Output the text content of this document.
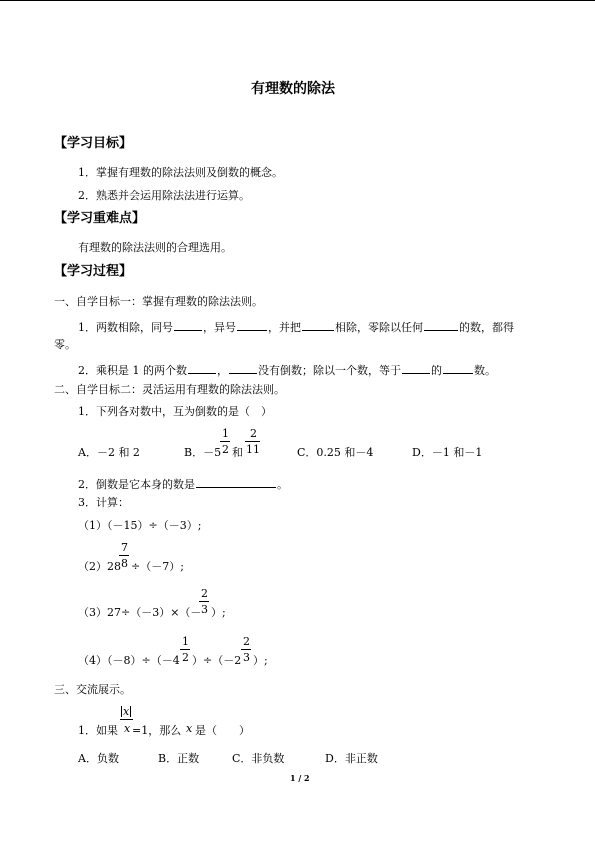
有理数的除法
【学习目标】
1．掌握有理数的除法法则及倒数的概念。
2．熟悉并会运用除法法进行运算。
【学习重难点】
有理数的除法法则的合理选用。
【学习过程】
一、自学目标一：掌握有理数的除法法则。
1．两数相除，同号	，异号	，并把	相除，零除以任何	的数，都得
零。
2．乘积是 1 的两个数	，	没有倒数；除以一个数，等于	的	数。
二、自学目标二：灵活运用有理数的除法法则。
1．下列各对数中，互为倒数的是（　）
A．－2 和 2	B．－5
1
2 和
2
11	C．0.25 和－4	D．－1 和－1
2．倒数是它本身的数是	。
3．计算：
（1）（－15）÷（－3）;
（2）28
7
8 ÷（－7）;
（3）27÷（－3）×（－
2
3 ）;
（4）（－8）÷（－4
1
2 ）÷（－2
2
3 ）;
三、交流展示。
x
1．如果 x =1，那么 x 是（　　）
A．负数	B．正数	C．非负数	D．非正数
1 / 2
